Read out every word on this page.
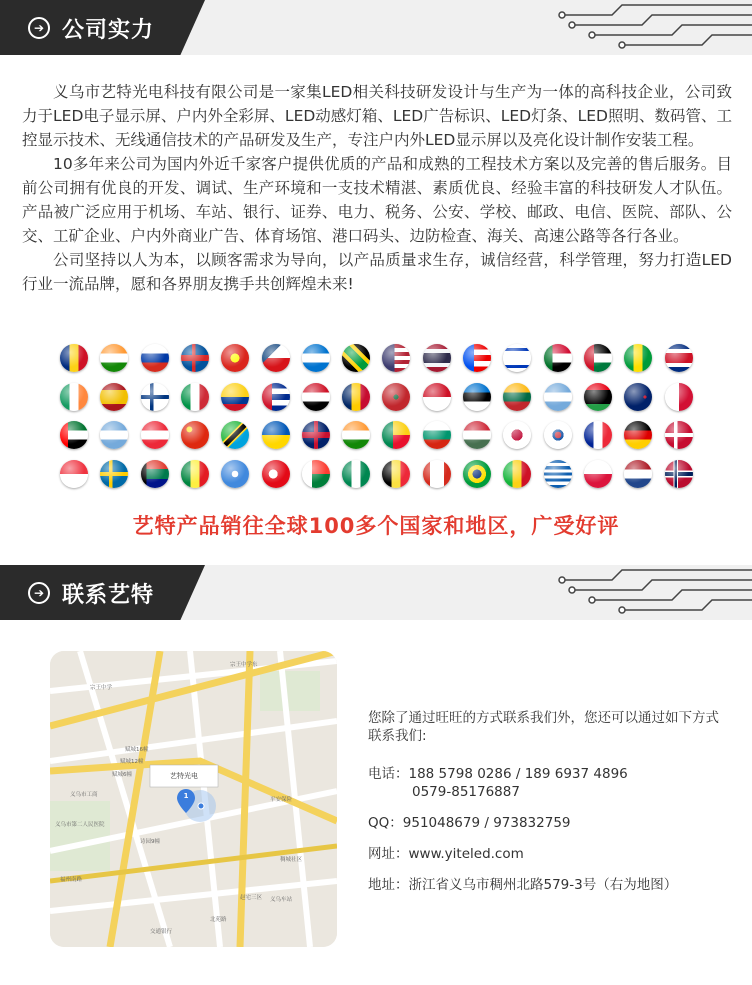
➔ 公司实力

义乌市艺特光电科技有限公司是一家集LED相关科技研发设计与生产为一体的高科技企业，公司致力于LED电子显示屏、户内外全彩屏、LED动感灯箱、LED广告标识、LED灯条、LED照明、数码管、工控显示技术、无线通信技术的产品研发及生产，专注户内外LED显示屏以及亮化设计制作安装工程。

10多年来公司为国内外近千家客户提供优质的产品和成熟的工程技术方案以及完善的售后服务。目前公司拥有优良的开发、调试、生产环境和一支技术精湛、素质优良、经验丰富的科技研发人才队伍。产品被广泛应用于机场、车站、银行、证券、电力、税务、公安、学校、邮政、电信、医院、部队、公交、工矿企业、户内外商业广告、体育场馆、港口码头、边防检查、海关、高速公路等各行各业。

公司坚持以人为本，以顾客需求为导向，以产品质量求生存，诚信经营，科学管理，努力打造LED行业一流品牌，愿和各界朋友携手共创辉煌未来!

艺特产品销往全球100多个国家和地区，广受好评
➔ 联系艺特
宗王中学
赋城16幢
赋城12幢
赋城6幢
诗园9幢
稠城社区
义乌车站
平安保险
赵宅三区
义乌市工商
宗王中学东
交通银行
福州南路
北苑路
义乌市第二人民医院
艺特光电
1
您除了通过旺旺的方式联系我们外，您还可以通过如下方式联系我们:
电话：188 5798 0286 / 189 6937 4896
0579-85176887
QQ：951048679 / 973832759
网址：www.yiteled.com
地址：浙江省义乌市稠州北路579-3号（右为地图）
